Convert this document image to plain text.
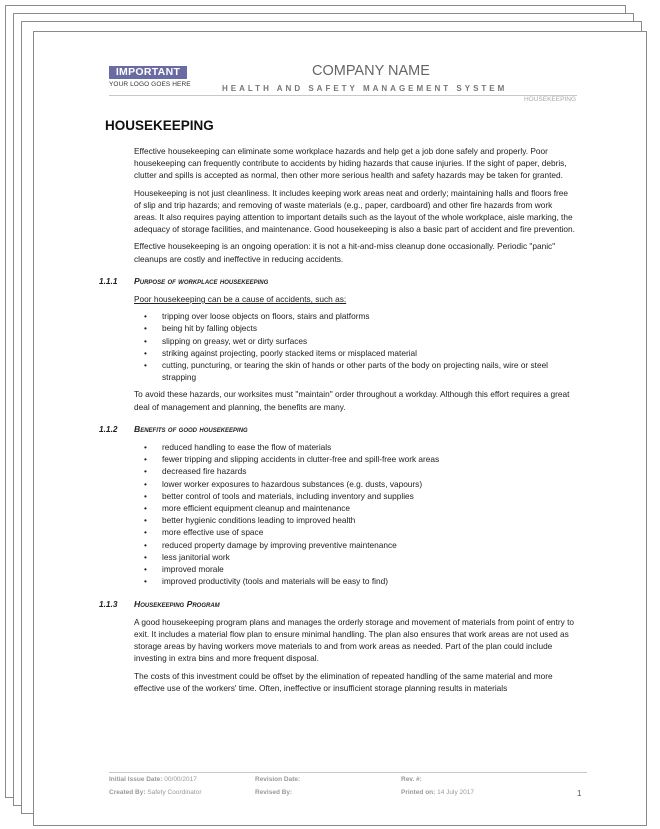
IMPORTANT
YOUR LOGO GOES HERE
COMPANY NAME
HEALTH AND SAFETY MANAGEMENT SYSTEM
HOUSEKEEPING
HOUSEKEEPING

Effective housekeeping can eliminate some workplace hazards and help get a job done safely and properly. Poor housekeeping can frequently contribute to accidents by hiding hazards that cause injuries. If the sight of paper, debris, clutter and spills is accepted as normal, then other more serious health and safety hazards may be taken for granted.

Housekeeping is not just cleanliness. It includes keeping work areas neat and orderly; maintaining halls and floors free of slip and trip hazards; and removing of waste materials (e.g., paper, cardboard) and other fire hazards from work areas. It also requires paying attention to important details such as the layout of the whole workplace, aisle marking, the adequacy of storage facilities, and maintenance. Good housekeeping is also a basic part of accident and fire prevention.

Effective housekeeping is an ongoing operation: it is not a hit-and-miss cleanup done occasionally. Periodic "panic" cleanups are costly and ineffective in reducing accidents.

1.1.1	Purpose of workplace housekeeping
Poor housekeeping can be a cause of accidents, such as:
• tripping over loose objects on floors, stairs and platforms
• being hit by falling objects
• slipping on greasy, wet or dirty surfaces
• striking against projecting, poorly stacked items or misplaced material
• cutting, puncturing, or tearing the skin of hands or other parts of the body on projecting nails, wire or steel strapping

To avoid these hazards, our worksites must "maintain" order throughout a workday. Although this effort requires a great deal of management and planning, the benefits are many.

1.1.2	Benefits of good housekeeping
• reduced handling to ease the flow of materials
• fewer tripping and slipping accidents in clutter-free and spill-free work areas
• decreased fire hazards
• lower worker exposures to hazardous substances (e.g. dusts, vapours)
• better control of tools and materials, including inventory and supplies
• more efficient equipment cleanup and maintenance
• better hygienic conditions leading to improved health
• more effective use of space
• reduced property damage by improving preventive maintenance
• less janitorial work
• improved morale
• improved productivity (tools and materials will be easy to find)
1.1.3	Housekeeping Program

A good housekeeping program plans and manages the orderly storage and movement of materials from point of entry to exit. It includes a material flow plan to ensure minimal handling. The plan also ensures that work areas are not used as storage areas by having workers move materials to and from work areas as needed. Part of the plan could include investing in extra bins and more frequent disposal.

The costs of this investment could be offset by the elimination of repeated handling of the same material and more effective use of the workers' time. Often, ineffective or insufficient storage planning results in materials

Initial Issue Date: 00/00/2017	Revision Date:	Rev. #:
Created By: Safety Coordinator	Revised By:	Printed on: 14 July 2017	1
